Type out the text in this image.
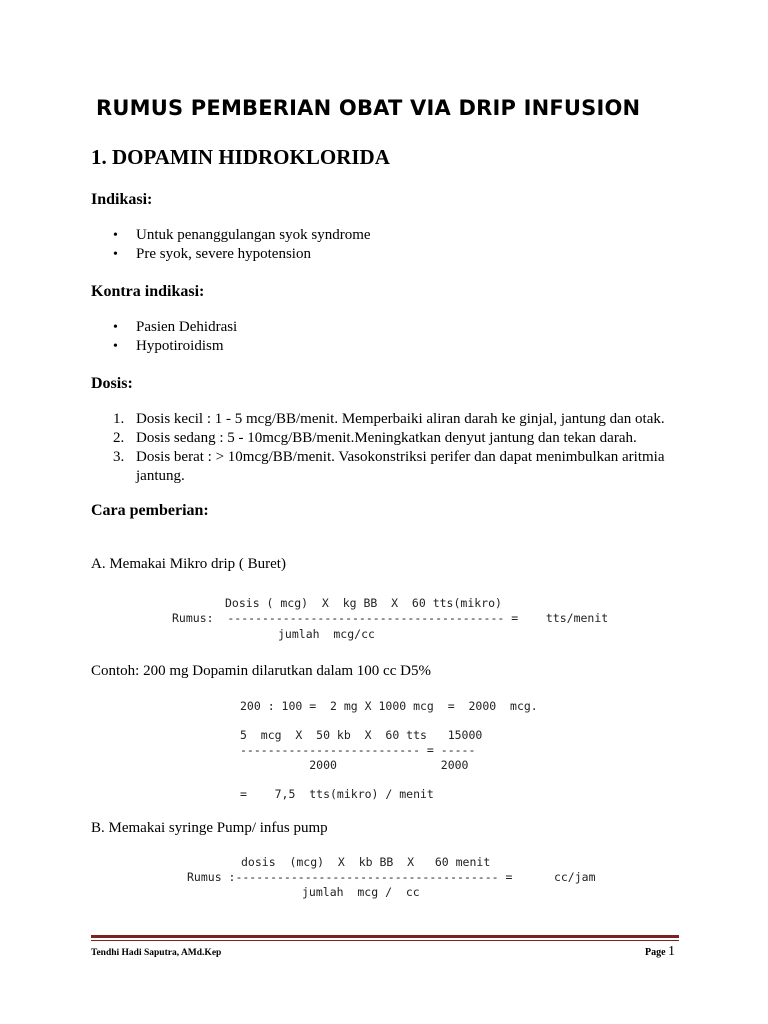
RUMUS PEMBERIAN OBAT VIA DRIP INFUSION
1. DOPAMIN HIDROKLORIDA
Indikasi:
• Untuk penanggulangan syok syndrome
• Pre syok, severe hypotension
Kontra indikasi:
• Pasien Dehidrasi
• Hypotiroidism
Dosis:
1. Dosis kecil : 1 - 5 mcg/BB/menit. Memperbaiki aliran darah ke ginjal, jantung dan otak.
2. Dosis sedang : 5 - 10mcg/BB/menit.Meningkatkan denyut jantung dan tekan darah.
3. Dosis berat : > 10mcg/BB/menit. Vasokonstriksi perifer dan dapat menimbulkan aritmia jantung.
Cara pemberian:

A. Memakai Mikro drip ( Buret)

Dosis ( mcg)  X  kg BB  X  60 tts(mikro)
Rumus:  ---------------------------------------- =    tts/menit
jumlah  mcg/cc

Contoh: 200 mg Dopamin dilarutkan dalam 100 cc D5%

200 : 100 =  2 mg X 1000 mcg  =  2000  mcg.
5  mcg  X  50 kb  X  60 tts   15000
-------------------------- = -----
2000               2000
=    7,5  tts(mikro) / menit

B. Memakai syringe Pump/ infus pump

dosis  (mcg)  X  kb BB  X   60 menit
Rumus :-------------------------------------- =      cc/jam
jumlah  mcg /  cc
Tendhi Hadi Saputra, AMd.Kep	Page 1
